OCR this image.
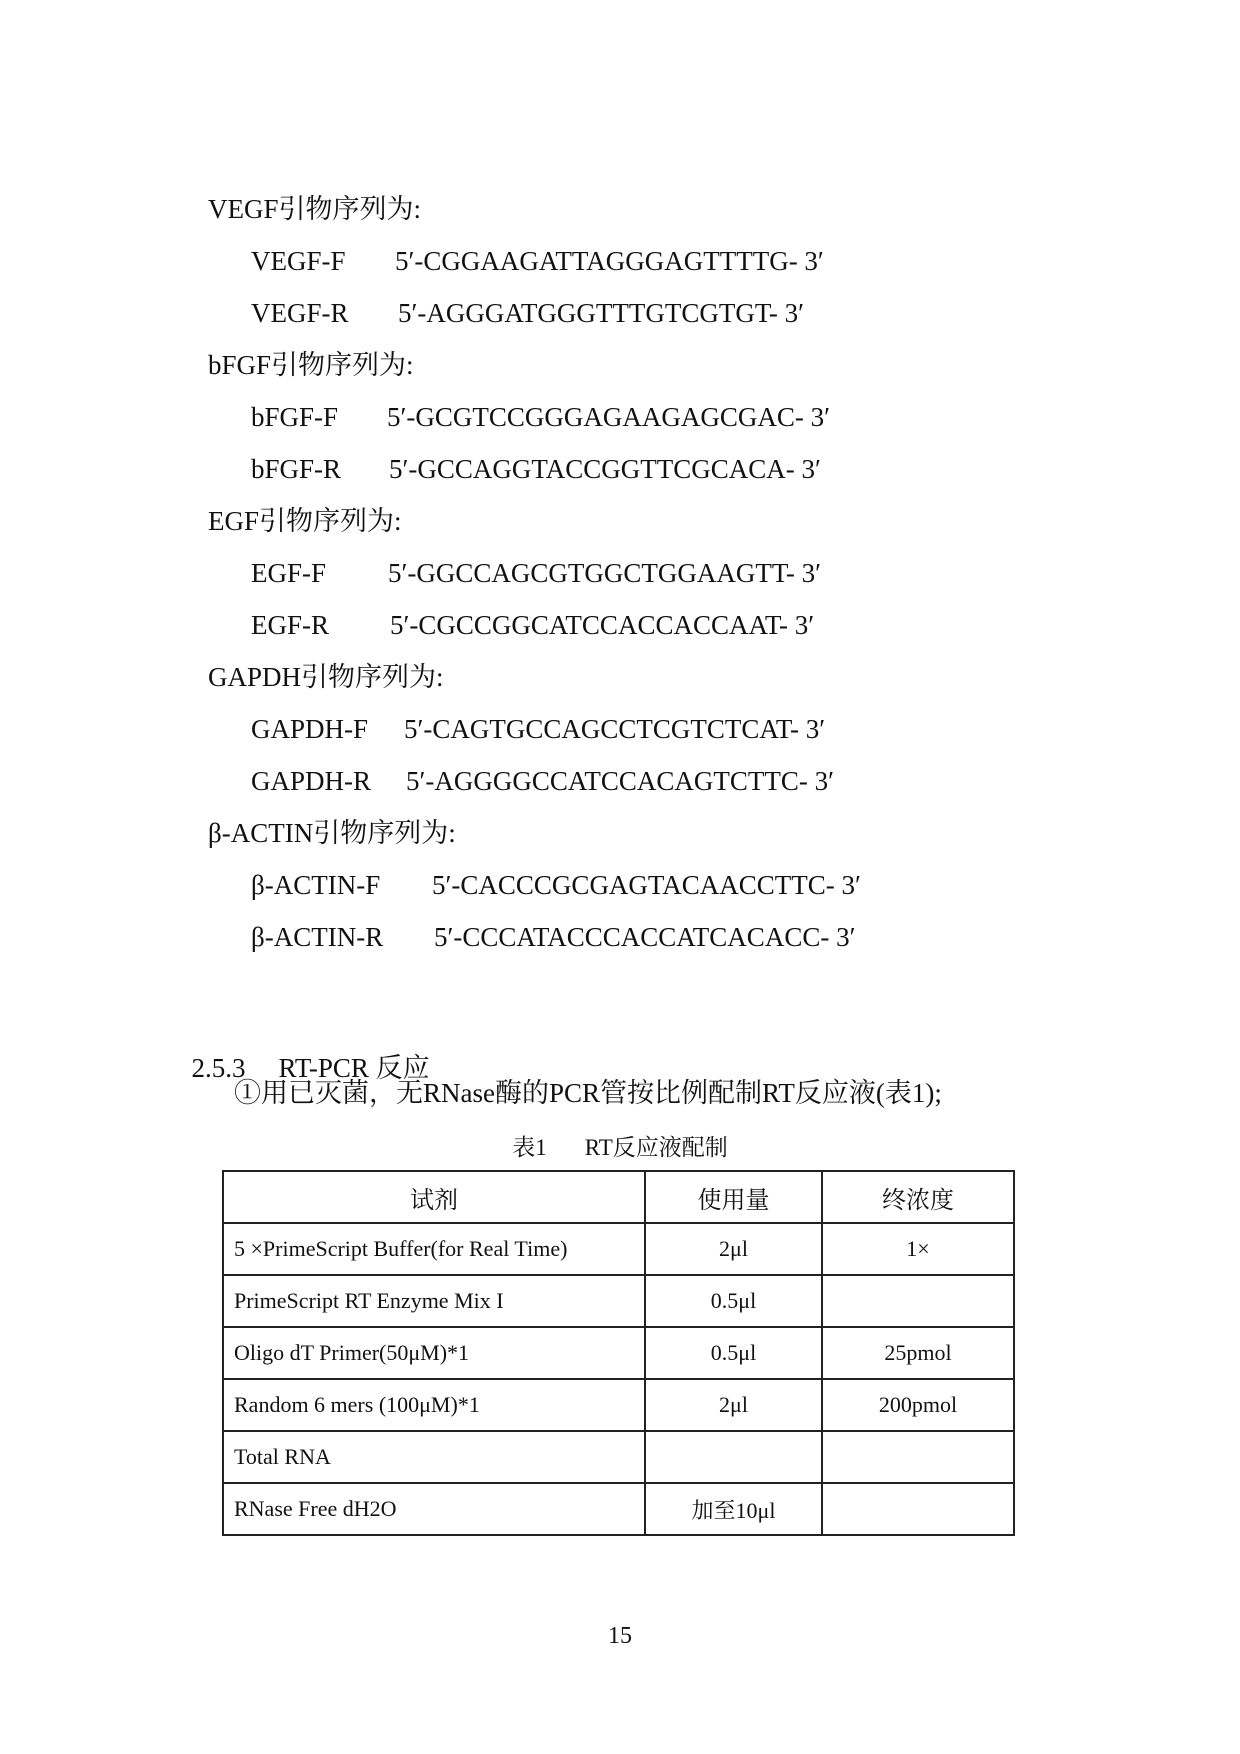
VEGF引物序列为:
VEGF-F 5′-CGGAAGATTAGGGAGTTTTG- 3′
VEGF-R 5′-AGGGATGGGTTTGTCGTGT- 3′
bFGF引物序列为:
bFGF-F 5′-GCGTCCGGGAGAAGAGCGAC- 3′
bFGF-R 5′-GCCAGGTACCGGTTCGCACA- 3′
EGF引物序列为:
EGF-F 5′-GGCCAGCGTGGCTGGAAGTT- 3′
EGF-R 5′-CGCCGGCATCCACCACCAAT- 3′
GAPDH引物序列为:
GAPDH-F 5′-CAGTGCCAGCCTCGTCTCAT- 3′
GAPDH-R 5′-AGGGGCCATCCACAGTCTTC- 3′
β-ACTIN引物序列为:
β-ACTIN-F 5′-CACCCGCGAGTACAACCTTC- 3′
β-ACTIN-R 5′-CCCATACCCACCATCACACC- 3′

2.5.3 RT-PCR 反应

①用已灭菌，无RNase酶的PCR管按比例配制RT反应液(表1);
表1 RT反应液配制
试剂	使用量	终浓度
5 ×PrimeScript Buffer(for Real Time)	2μl	1×
PrimeScript RT Enzyme Mix I	0.5μl	
Oligo dT Primer(50μM)*1	0.5μl	25pmol
Random 6 mers (100μM)*1	2μl	200pmol
Total RNA		
RNase Free dH2O	加至10μl	
15
